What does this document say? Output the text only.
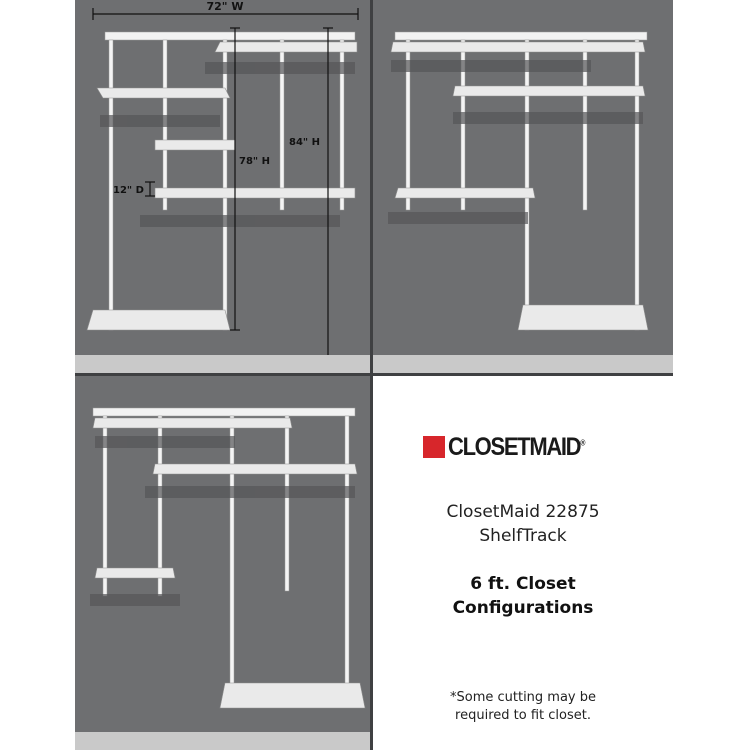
72" W
78" H
84" H
12" D
CLOSETMAID®
ClosetMaid 22875
ShelfTrack
6 ft. Closet
Configurations
*Some cutting may be
required to fit closet.
